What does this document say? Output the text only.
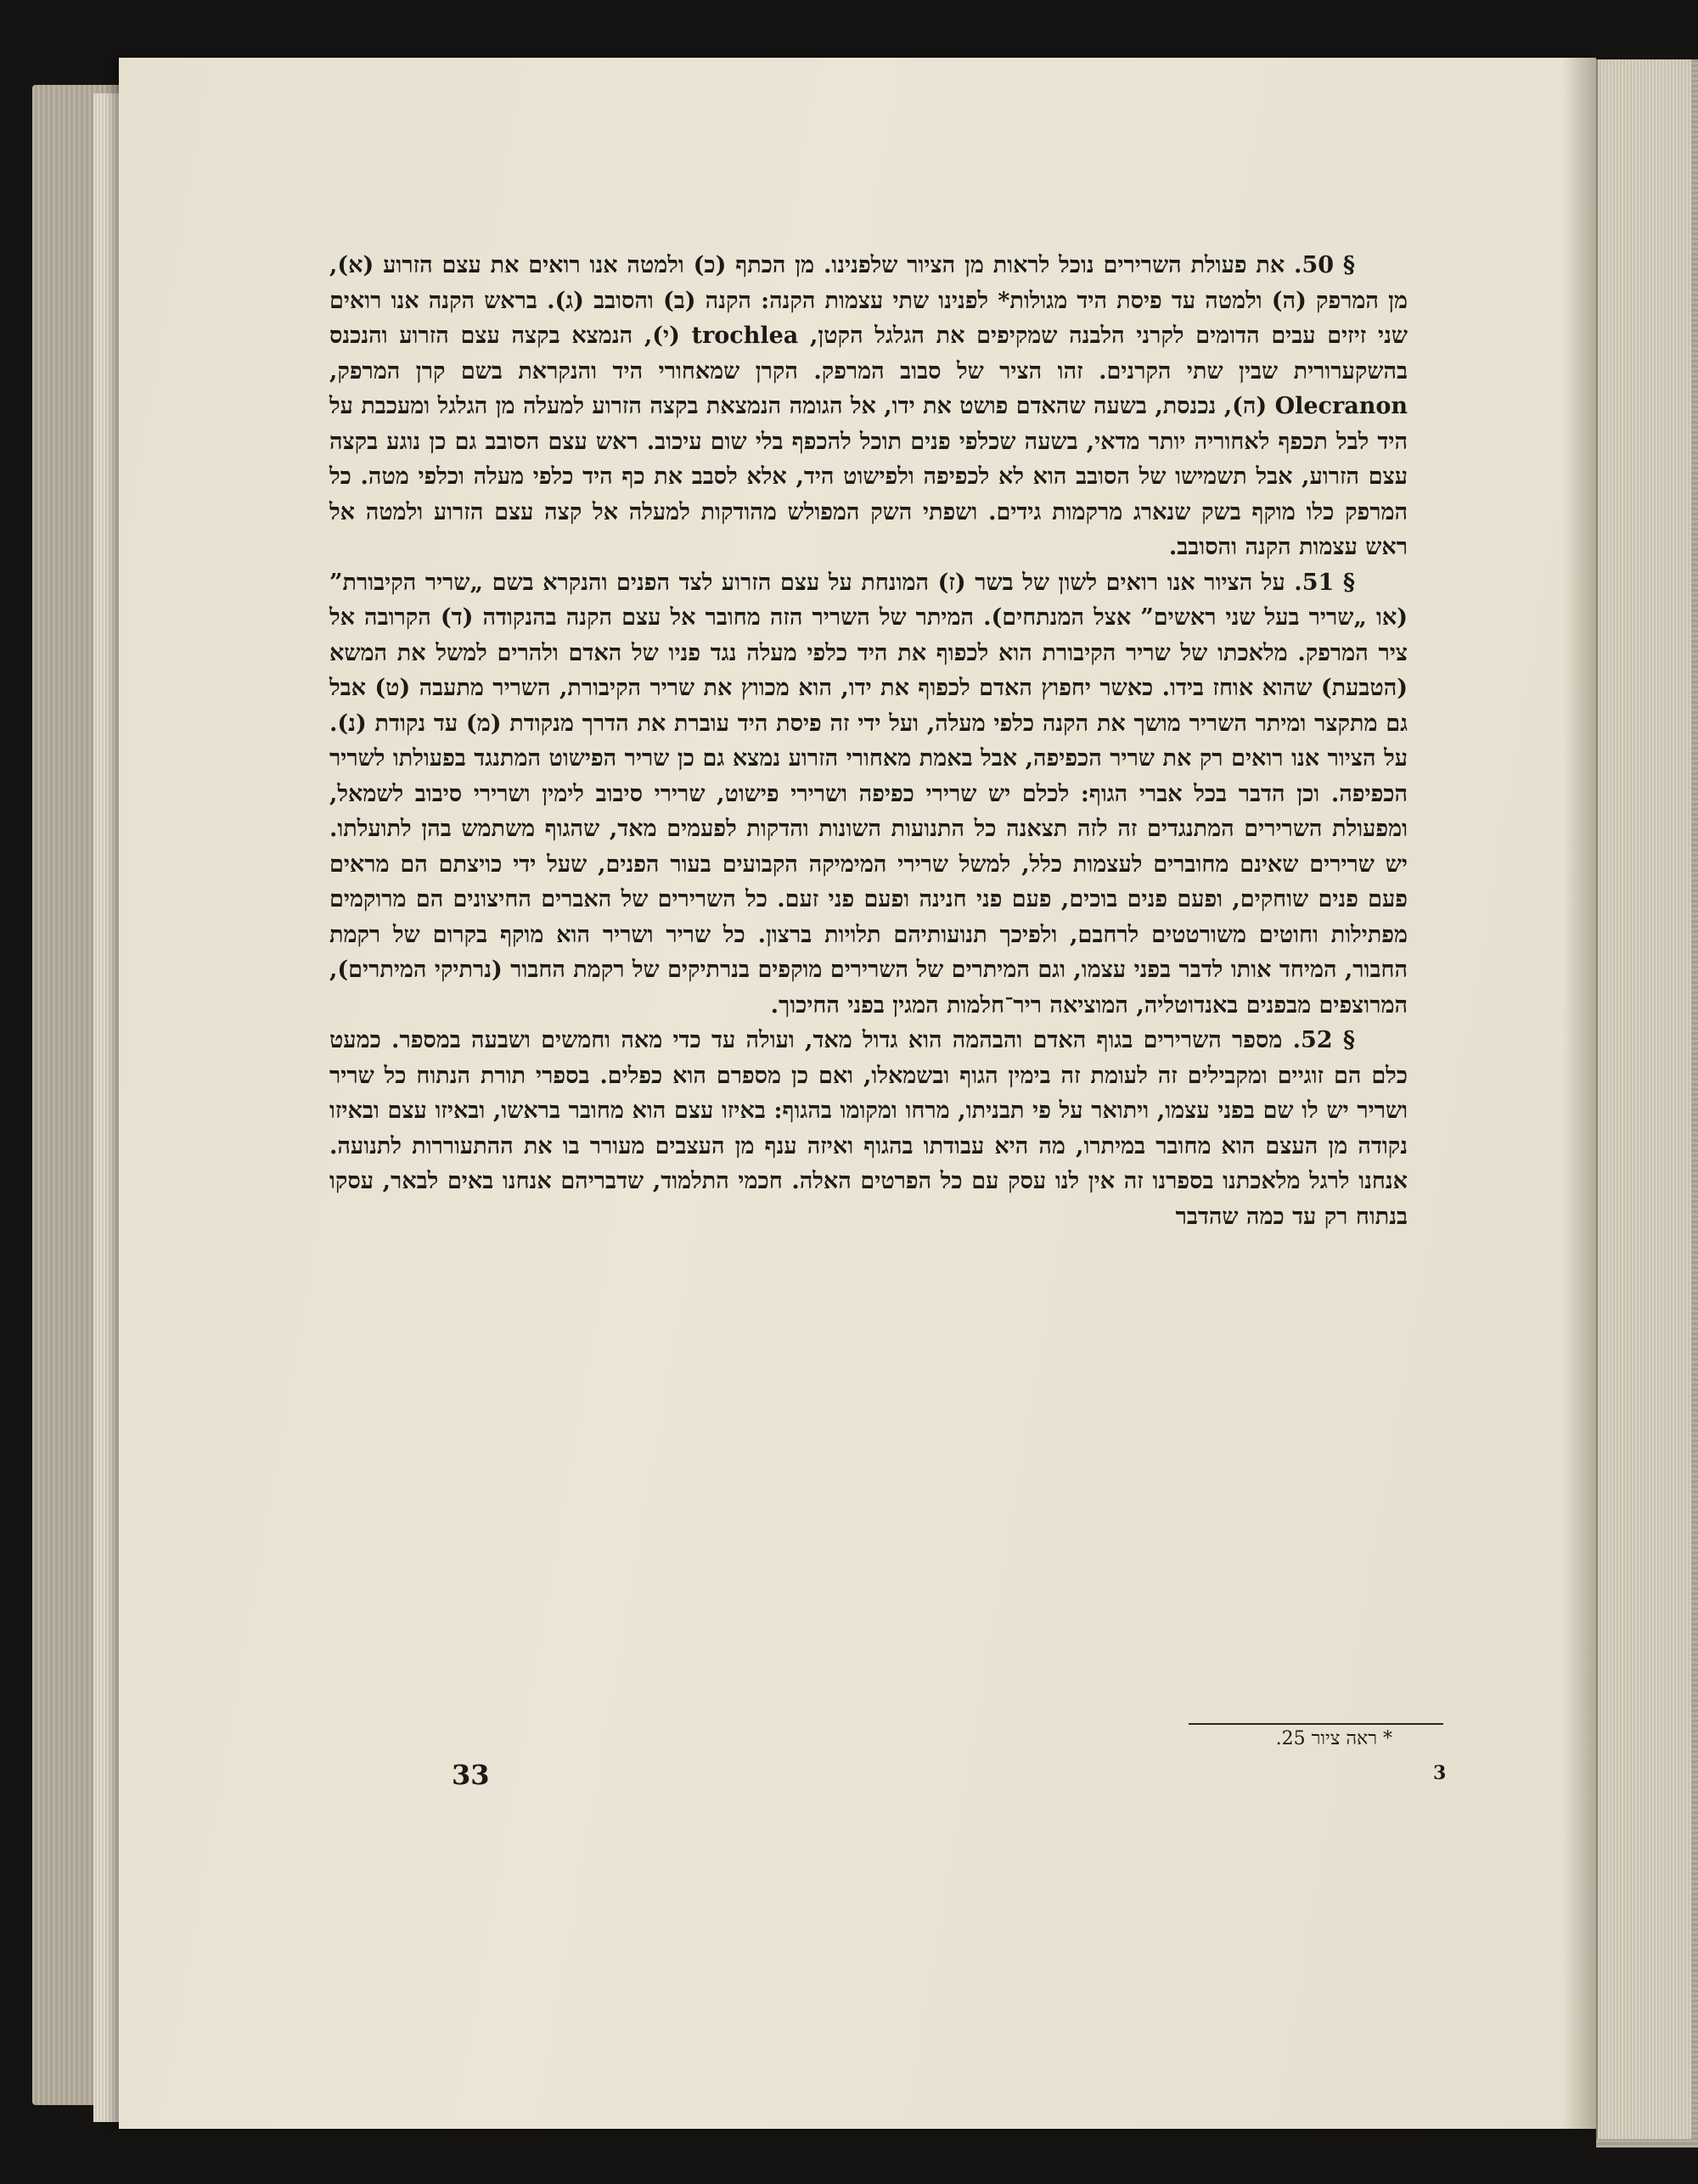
§ 50. את פעולת השרירים נוכל לראות מן הציור שלפנינו. מן הכתף (כ) ולמטה אנו רואים את עצם הזרוע (א), מן המרפק (ה) ולמטה עד פיסת היד מגולות* לפנינו שתי עצמות הקנה: הקנה (ב) והסובב (ג). בראש הקנה אנו רואים שני זיזים עבים הדומים לקרני הלבנה שמקיפים את הגלגל הקטן, trochlea (י), הנמצא בקצה עצם הזרוע והנכנס בהשקערורית שבין שתי הקרנים. זהו הציר של סבוב המרפק. הקרן שמאחורי היד והנקראת בשם קרן המרפק, Olecranon (ה), נכנסת, בשעה שהאדם פושט את ידו, אל הגומה הנמצאת בקצה הזרוע למעלה מן הגלגל ומעכבת על היד לבל תכפף לאחוריה יותר מדאי, בשעה שכלפי פנים תוכל להכפף בלי שום עיכוב. ראש עצם הסובב גם כן נוגע בקצה עצם הזרוע, אבל תשמישו של הסובב הוא לא לכפיפה ולפישוט היד, אלא לסבב את כף היד כלפי מעלה וכלפי מטה. כל המרפק כלו מוקף בשק שנארג מרקמות גידים. ושפתי השק המפולש מהודקות למעלה אל קצה עצם הזרוע ולמטה אל ראש עצמות הקנה והסובב.

§ 51. על הציור אנו רואים לשון של בשר (ז) המונחת על עצם הזרוע לצד הפנים והנקרא בשם „שריר הקיבורת” (או „שריר בעל שני ראשים” אצל המנתחים). המיתר של השריר הזה מחובר אל עצם הקנה בהנקודה (ד) הקרובה אל ציר המרפק. מלאכתו של שריר הקיבורת הוא לכפוף את היד כלפי מעלה נגד פניו של האדם ולהרים למשל את המשא (הטבעת) שהוא אוחז בידו. כאשר יחפוץ האדם לכפוף את ידו, הוא מכווץ את שריר הקיבורת, השריר מתעבה (ט) אבל גם מתקצר ומיתר השריר מושך את הקנה כלפי מעלה, ועל ידי זה פיסת היד עוברת את הדרך מנקודת (מ) עד נקודת (נ). על הציור אנו רואים רק את שריר הכפיפה, אבל באמת מאחורי הזרוע נמצא גם כן שריר הפישוט המתנגד בפעולתו לשריר הכפיפה. וכן הדבר בכל אברי הגוף: לכלם יש שרירי כפיפה ושרירי פישוט, שרירי סיבוב לימין ושרירי סיבוב לשמאל, ומפעולת השרירים המתנגדים זה לזה תצאנה כל התנועות השונות והדקות לפעמים מאד, שהגוף משתמש בהן לתועלתו. יש שרירים שאינם מחוברים לעצמות כלל, למשל שרירי המימיקה הקבועים בעור הפנים, שעל ידי כויצתם הם מראים פעם פנים שוחקים, ופעם פנים בוכים, פעם פני חנינה ופעם פני זעם. כל השרירים של האברים החיצונים הם מרוקמים מפתילות וחוטים משורטטים לרחבם, ולפיכך תנועותיהם תלויות ברצון. כל שריר ושריר הוא מוקף בקרום של רקמת החבור, המיחד אותו לדבר בפני עצמו, וגם המיתרים של השרירים מוקפים בנרתיקים של רקמת החבור (נרתיקי המיתרים), המרוצפים מבפנים באנדוטליה, המוציאה ריר־חלמות המגין בפני החיכוך.

§ 52. מספר השרירים בגוף האדם והבהמה הוא גדול מאד, ועולה עד כדי מאה וחמשים ושבעה במספר. כמעט כלם הם זוגיים ומקבילים זה לעומת זה בימין הגוף ובשמאלו, ואם כן מספרם הוא כפלים. בספרי תורת הנתוח כל שריר ושריר יש לו שם בפני עצמו, ויתואר על פי תבניתו, מרחו ומקומו בהגוף: באיזו עצם הוא מחובר בראשו, ובאיזו עצם ובאיזו נקודה מן העצם הוא מחובר במיתרו, מה היא עבודתו בהגוף ואיזה ענף מן העצבים מעורר בו את ההתעוררות לתנועה. אנחנו לרגל מלאכתנו בספרנו זה אין לנו עסק עם כל הפרטים האלה. חכמי התלמוד, שדבריהם אנחנו באים לבאר, עסקו בנתוח רק עד כמה שהדבר

* ראה ציור 25.
33	3
